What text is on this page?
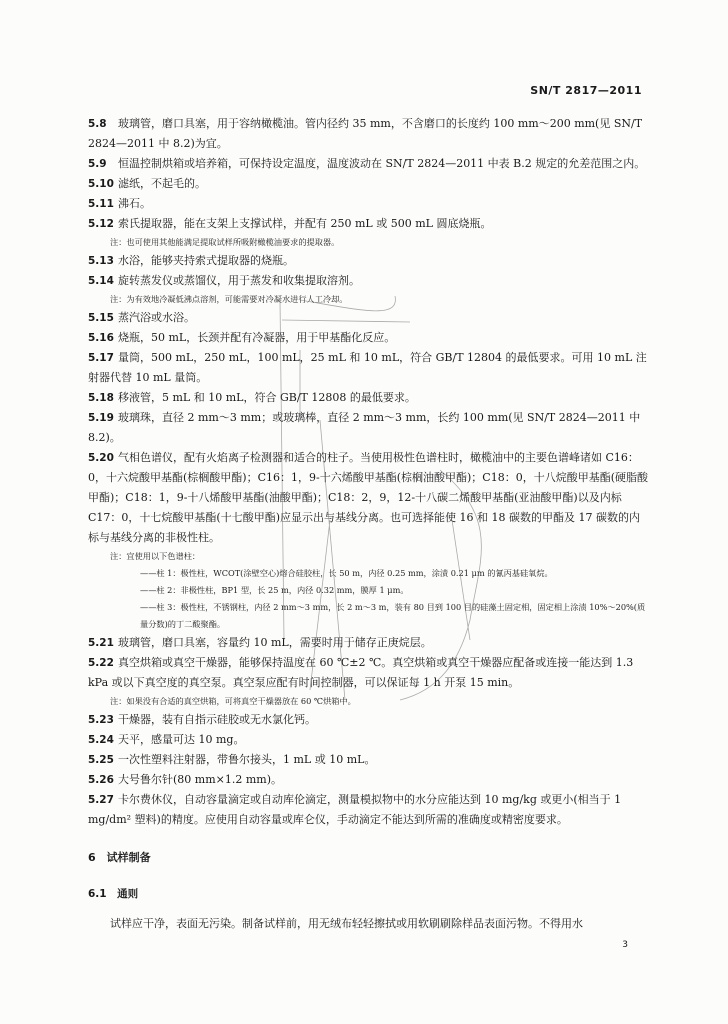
SN/T 2817—2011
5.8 玻璃管，磨口具塞，用于容纳橄榄油。管内径约 35 mm，不含磨口的长度约 100 mm～200 mm(见 SN/T 2824—2011 中 8.2)为宜。
5.9 恒温控制烘箱或培养箱，可保持设定温度，温度波动在 SN/T 2824—2011 中表 B.2 规定的允差范围之内。
5.10 滤纸，不起毛的。
5.11 沸石。
5.12 索氏提取器，能在支架上支撑试样，并配有 250 mL 或 500 mL 圆底烧瓶。
注：也可使用其他能满足提取试样所吸附橄榄油要求的提取器。
5.13 水浴，能够夹持索式提取器的烧瓶。
5.14 旋转蒸发仪或蒸馏仪，用于蒸发和收集提取溶剂。
注：为有效地冷凝低沸点溶剂，可能需要对冷凝水进行人工冷却。
5.15 蒸汽浴或水浴。
5.16 烧瓶，50 mL，长颈并配有冷凝器，用于甲基酯化反应。
5.17 量筒，500 mL，250 mL，100 mL，25 mL 和 10 mL，符合 GB/T 12804 的最低要求。可用 10 mL 注射器代替 10 mL 量筒。
5.18 移液管，5 mL 和 10 mL，符合 GB/T 12808 的最低要求。
5.19 玻璃珠，直径 2 mm～3 mm；或玻璃棒，直径 2 mm～3 mm，长约 100 mm(见 SN/T 2824—2011 中 8.2)。
5.20 气相色谱仪，配有火焰离子检测器和适合的柱子。当使用极性色谱柱时，橄榄油中的主要色谱峰诸如 C16：0，十六烷酸甲基酯(棕榈酸甲酯)；C16：1，9-十六烯酸甲基酯(棕榈油酸甲酯)；C18：0，十八烷酸甲基酯(硬脂酸甲酯)；C18：1，9-十八烯酸甲基酯(油酸甲酯)；C18：2，9，12-十八碳二烯酸甲基酯(亚油酸甲酯)以及内标 C17：0，十七烷酸甲基酯(十七酸甲酯)应显示出与基线分离。也可选择能使 16 和 18 碳数的甲酯及 17 碳数的内标与基线分离的非极性柱。
注：宜使用以下色谱柱：
——柱 1：极性柱，WCOT(涂壁空心)熔合硅胶柱，长 50 m，内径 0.25 mm，涂渍 0.21 μm 的氰丙基硅氧烷。
——柱 2：非极性柱，BP1 型，长 25 m，内径 0.32 mm，膜厚 1 μm。
——柱 3：极性柱，不锈钢柱，内径 2 mm～3 mm，长 2 m～3 m，装有 80 目到 100 目的硅藻土固定相，固定相上涂渍 10%～20%(质量分数)的丁二酸聚酯。
5.21 玻璃管，磨口具塞，容量约 10 mL，需要时用于储存正庚烷层。
5.22 真空烘箱或真空干燥器，能够保持温度在 60 ℃±2 ℃。真空烘箱或真空干燥器应配备或连接一能达到 1.3 kPa 或以下真空度的真空泵。真空泵应配有时间控制器，可以保证每 1 h 开泵 15 min。
注：如果没有合适的真空烘箱，可将真空干燥器放在 60 ℃烘箱中。
5.23 干燥器，装有自指示硅胶或无水氯化钙。
5.24 天平，感量可达 10 mg。
5.25 一次性塑料注射器，带鲁尔接头，1 mL 或 10 mL。
5.26 大号鲁尔针(80 mm×1.2 mm)。
5.27 卡尔费休仪，自动容量滴定或自动库伦滴定，测量模拟物中的水分应能达到 10 mg/kg 或更小(相当于 1 mg/dm² 塑料)的精度。应使用自动容量或库仑仪，手动滴定不能达到所需的准确度或精密度要求。
6　试样制备
6.1　通则
试样应干净，表面无污染。制备试样前，用无绒布轻轻擦拭或用软刷刷除样品表面污物。不得用水
3
